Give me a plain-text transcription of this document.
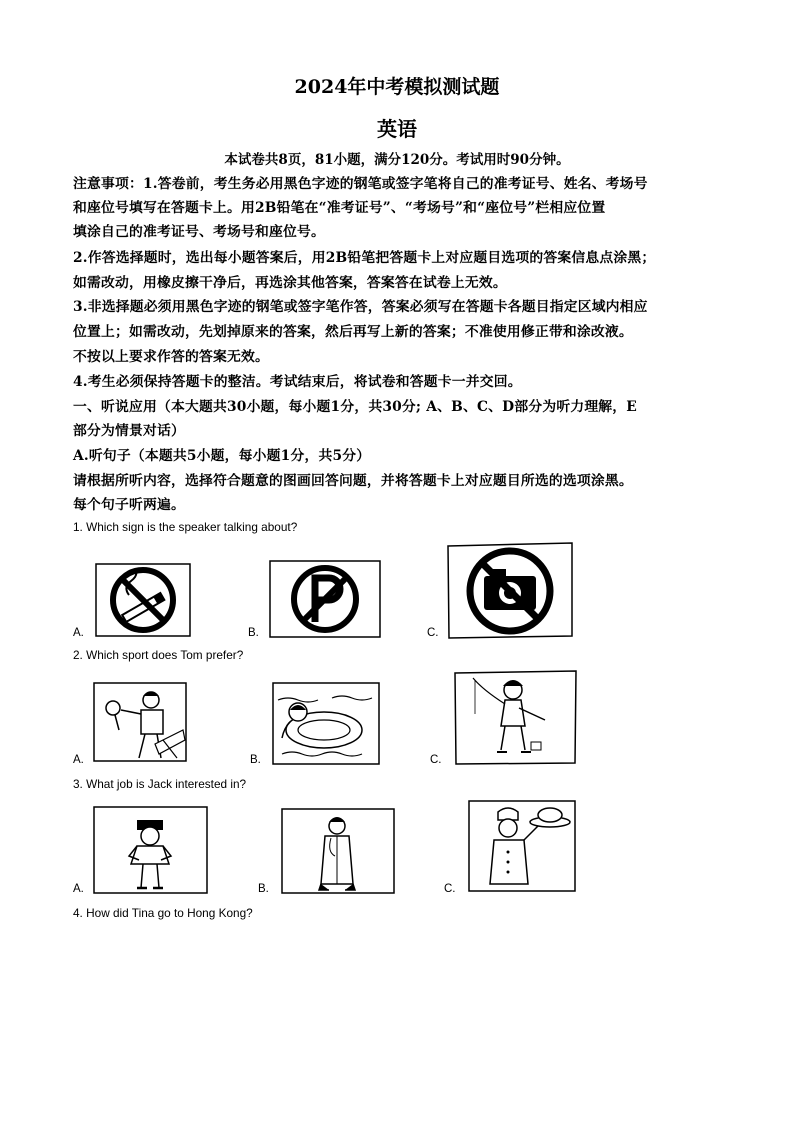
2024年中考模拟测试题
英语
本试卷共8页，81小题，满分120分。考试用时90分钟。
注意事项：1.答卷前，考生务必用黑色字迹的钢笔或签字笔将自己的准考证号、姓名、考场号
和座位号填写在答题卡上。用2B铅笔在“准考证号”、“考场号”和“座位号”栏相应位置
填涂自己的准考证号、考场号和座位号。
2.作答选择题时，选出每小题答案后，用2B铅笔把答题卡上对应题目选项的答案信息点涂黑；
如需改动，用橡皮擦干净后，再选涂其他答案，答案答在试卷上无效。
3.非选择题必须用黑色字迹的钢笔或签字笔作答，答案必须写在答题卡各题目指定区域内相应
位置上；如需改动，先划掉原来的答案，然后再写上新的答案；不准使用修正带和涂改液。
不按以上要求作答的答案无效。
4.考生必须保持答题卡的整洁。考试结束后，将试卷和答题卡一并交回。
一、听说应用（本大题共30小题，每小题1分，共30分; A、B、C、D部分为听力理解，E
部分为情景对话）
A.听句子（本题共5小题，每小题1分，共5分）
请根据所听内容，选择符合题意的图画回答问题，并将答题卡上对应题目所选的选项涂黑。
每个句子听两遍。
1. Which sign is the speaker talking about?
A.	B.	C.
2. Which sport does Tom prefer?
A.	B.	C.
3. What job is Jack interested in?
A.	B.	C.
4. How did Tina go to Hong Kong?
